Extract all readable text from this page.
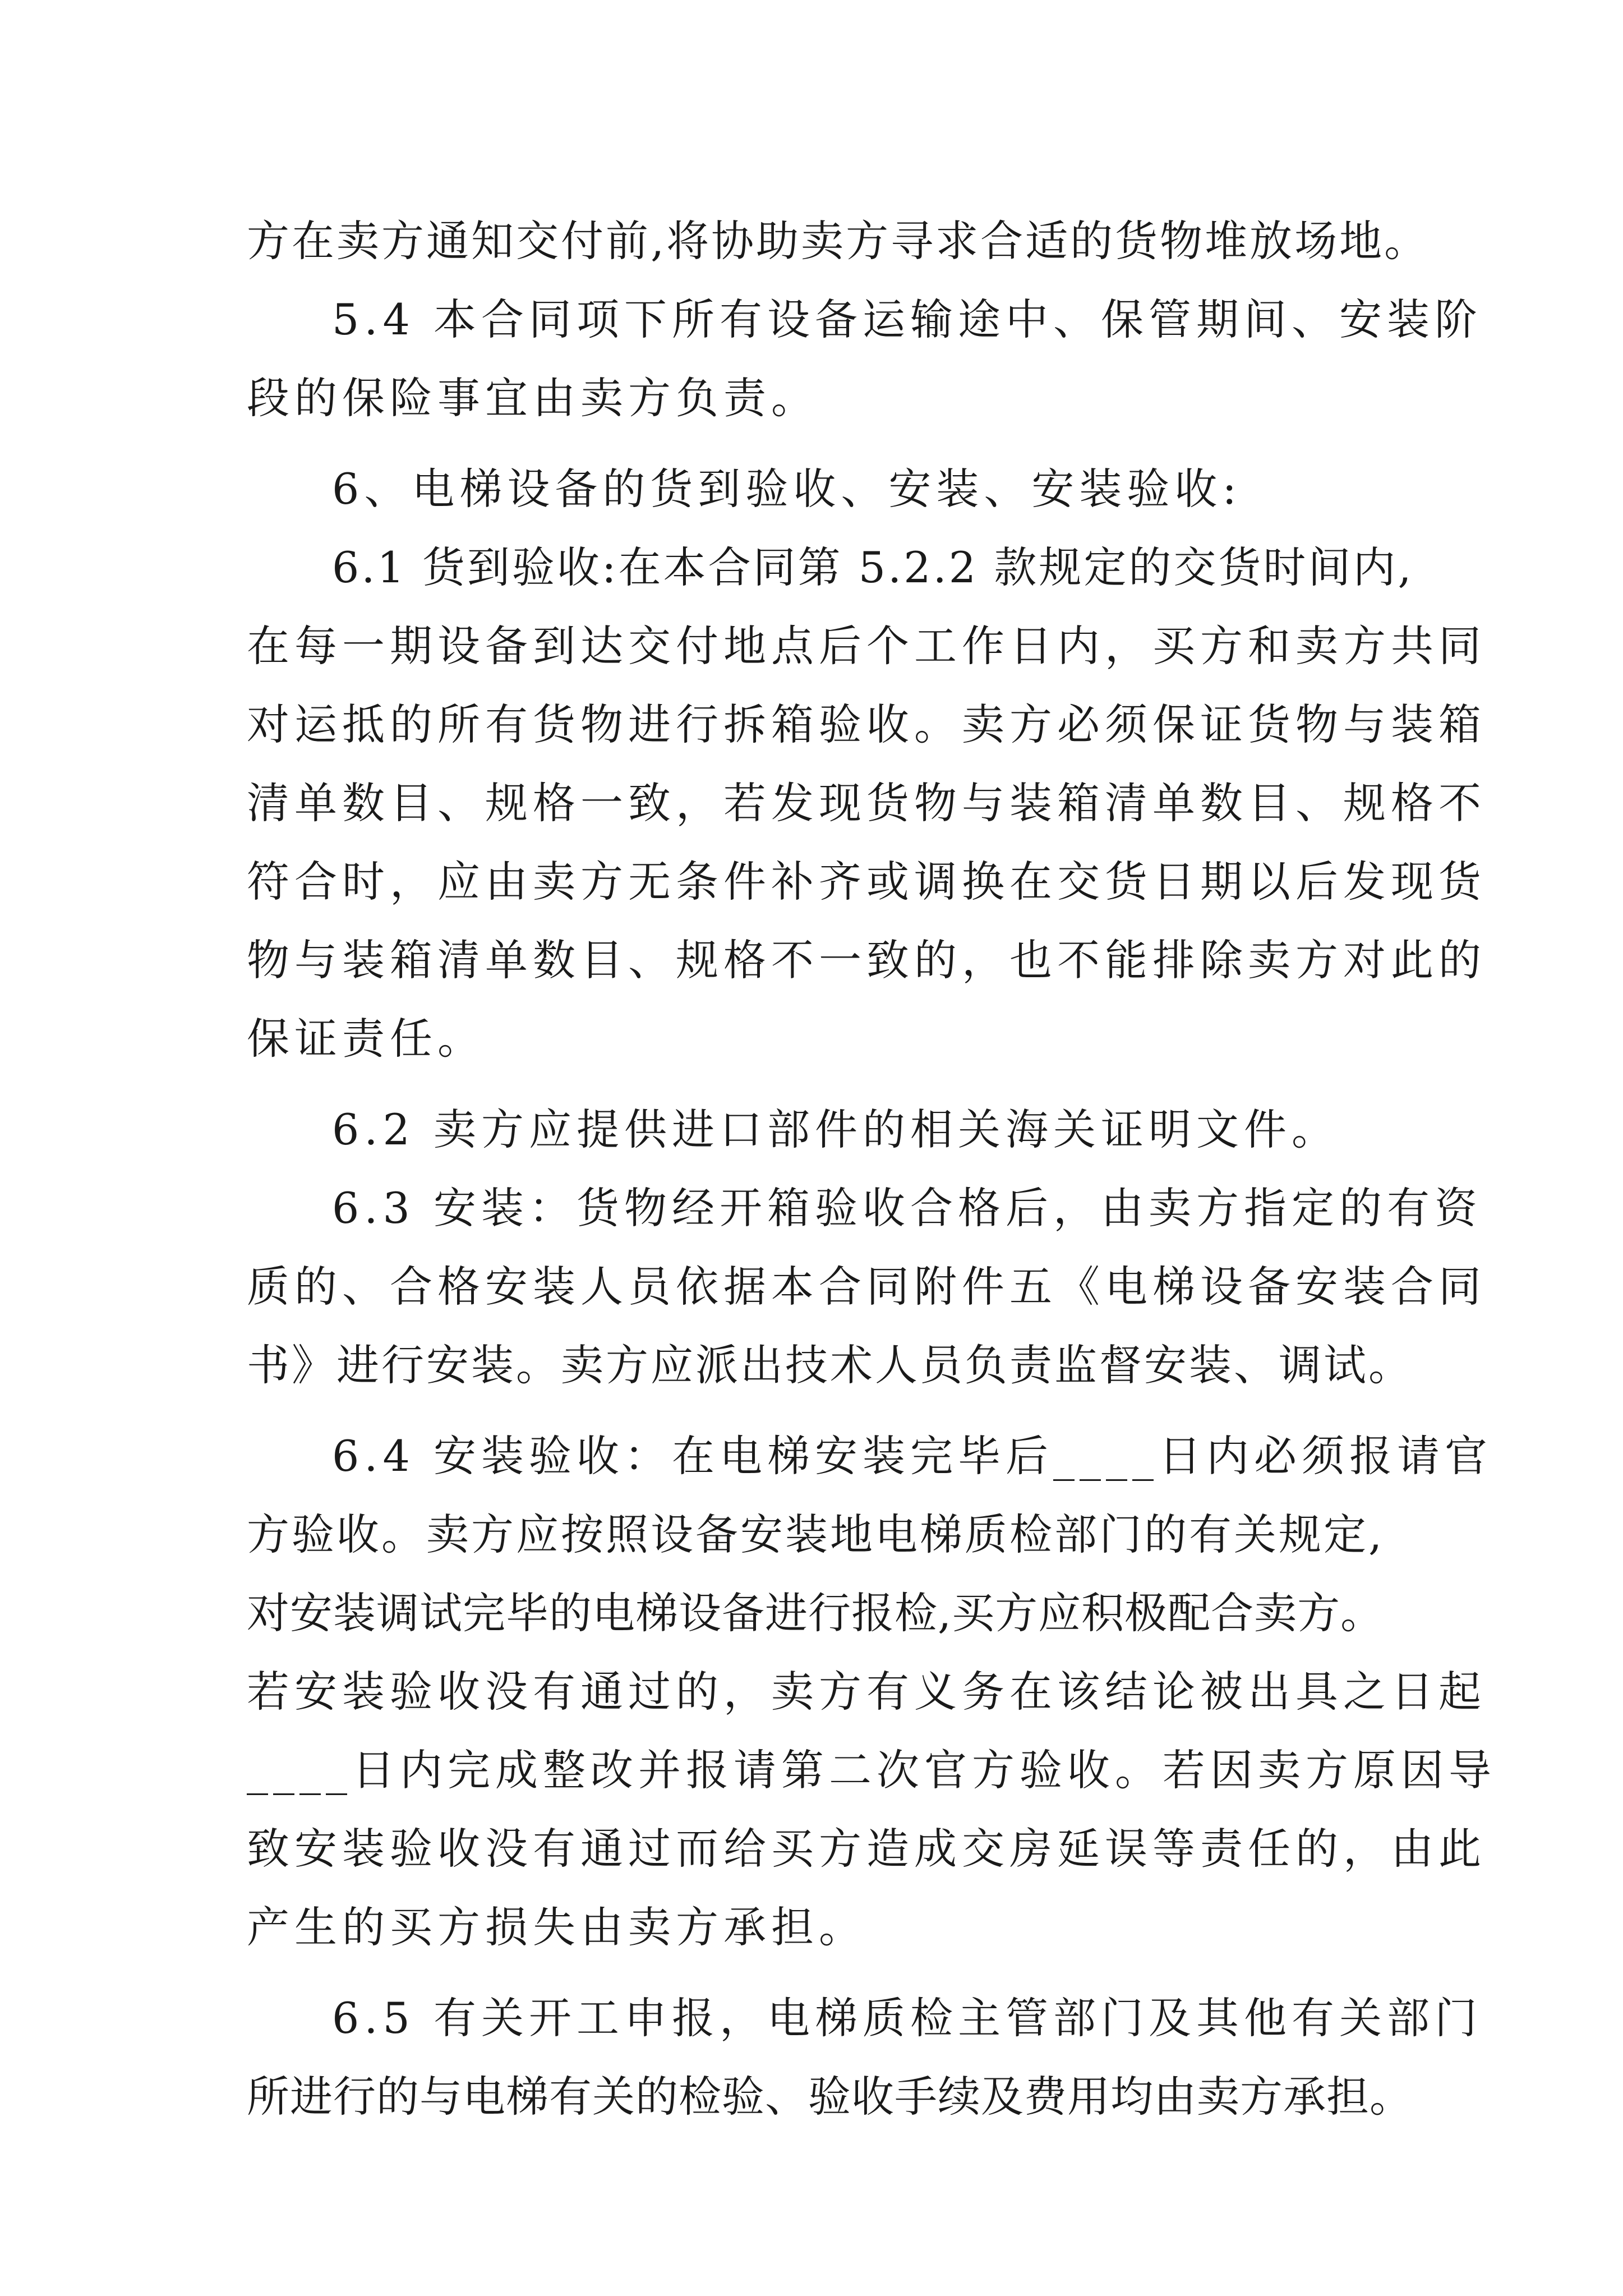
方在卖方通知交付前,将协助卖方寻求合适的货物堆放场地。
5.4 本合同项下所有设备运输途中、保管期间、安装阶
段的保险事宜由卖方负责。
6、电梯设备的货到验收、安装、安装验收:
6.1 货到验收:在本合同第 5.2.2 款规定的交货时间内,
在每一期设备到达交付地点后个工作日内，买方和卖方共同
对运抵的所有货物进行拆箱验收。卖方必须保证货物与装箱
清单数目、规格一致，若发现货物与装箱清单数目、规格不
符合时，应由卖方无条件补齐或调换在交货日期以后发现货
物与装箱清单数目、规格不一致的，也不能排除卖方对此的
保证责任。
6.2 卖方应提供进口部件的相关海关证明文件。
6.3 安装：货物经开箱验收合格后，由卖方指定的有资
质的、合格安装人员依据本合同附件五《电梯设备安装合同
书》进行安装。卖方应派出技术人员负责监督安装、调试。
6.4 安装验收：在电梯安装完毕后____日内必须报请官
方验收。卖方应按照设备安装地电梯质检部门的有关规定,
对安装调试完毕的电梯设备进行报检,买方应积极配合卖方。
若安装验收没有通过的，卖方有义务在该结论被出具之日起
____日内完成整改并报请第二次官方验收。若因卖方原因导
致安装验收没有通过而给买方造成交房延误等责任的，由此
产生的买方损失由卖方承担。
6.5 有关开工申报，电梯质检主管部门及其他有关部门
所进行的与电梯有关的检验、验收手续及费用均由卖方承担。
